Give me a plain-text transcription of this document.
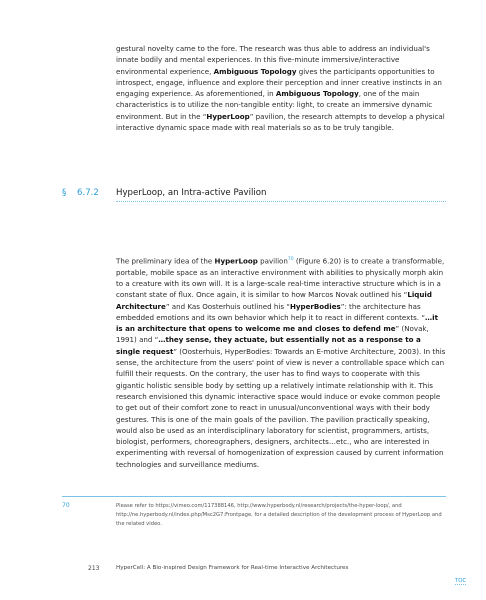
gestural novelty came to the fore. The research was thus able to address an individual's innate bodily and mental experiences. In this five-minute immersive/interactive environmental experience, Ambiguous Topology gives the participants opportunities to introspect, engage, influence and explore their perception and inner creative instincts in an engaging experience. As aforementioned, in Ambiguous Topology, one of the main characteristics is to utilize the non-tangible entity: light, to create an immersive dynamic environment. But in the “HyperLoop” pavilion, the research attempts to develop a physical interactive dynamic space made with real materials so as to be truly tangible.
§ 6.7.2 HyperLoop, an Intra-active Pavilion
The preliminary idea of the HyperLoop pavilion$^{70}$ (Figure 6.20) is to create a transformable, portable, mobile space as an interactive environment with abilities to physically morph akin to a creature with its own will. It is a large-scale real-time interactive structure which is in a constant state of flux. Once again, it is similar to how Marcos Novak outlined his “Liquid Architecture” and Kas Oosterhuis outlined his “HyperBodies”: the architecture has embedded emotions and its own behavior which help it to react in different contexts. “…it is an architecture that opens to welcome me and closes to defend me” (Novak, 1991) and “…they sense, they actuate, but essentially not as a response to a single request” (Oosterhuis, HyperBodies: Towards an E-motive Architecture, 2003). In this sense, the architecture from the users' point of view is never a controllable space which can fulfill their requests. On the contrary, the user has to find ways to cooperate with this gigantic holistic sensible body by setting up a relatively intimate relationship with it. This research envisioned this dynamic interactive space would induce or evoke common people to get out of their comfort zone to react in unusual/unconventional ways with their body gestures. This is one of the main goals of the pavilion. The pavilion practically speaking, would also be used as an interdisciplinary laboratory for scientist, programmers, artists, biologist, performers, choreographers, designers, architects…etc., who are interested in experimenting with reversal of homogenization of expression caused by current information technologies and surveillance mediums.
70	Please refer to https://vimeo.com/117388146, http://www.hyperbody.nl/research/projects/the-hyper-loop/, and http://ne.hyperbody.nl/index.php/Msc2G7:Frontpage, for a detailed description of the development process of HyperLoop and the related video.
213	HyperCell: A Bio-inspired Design Framework for Real-time Interactive Architectures
TOC
